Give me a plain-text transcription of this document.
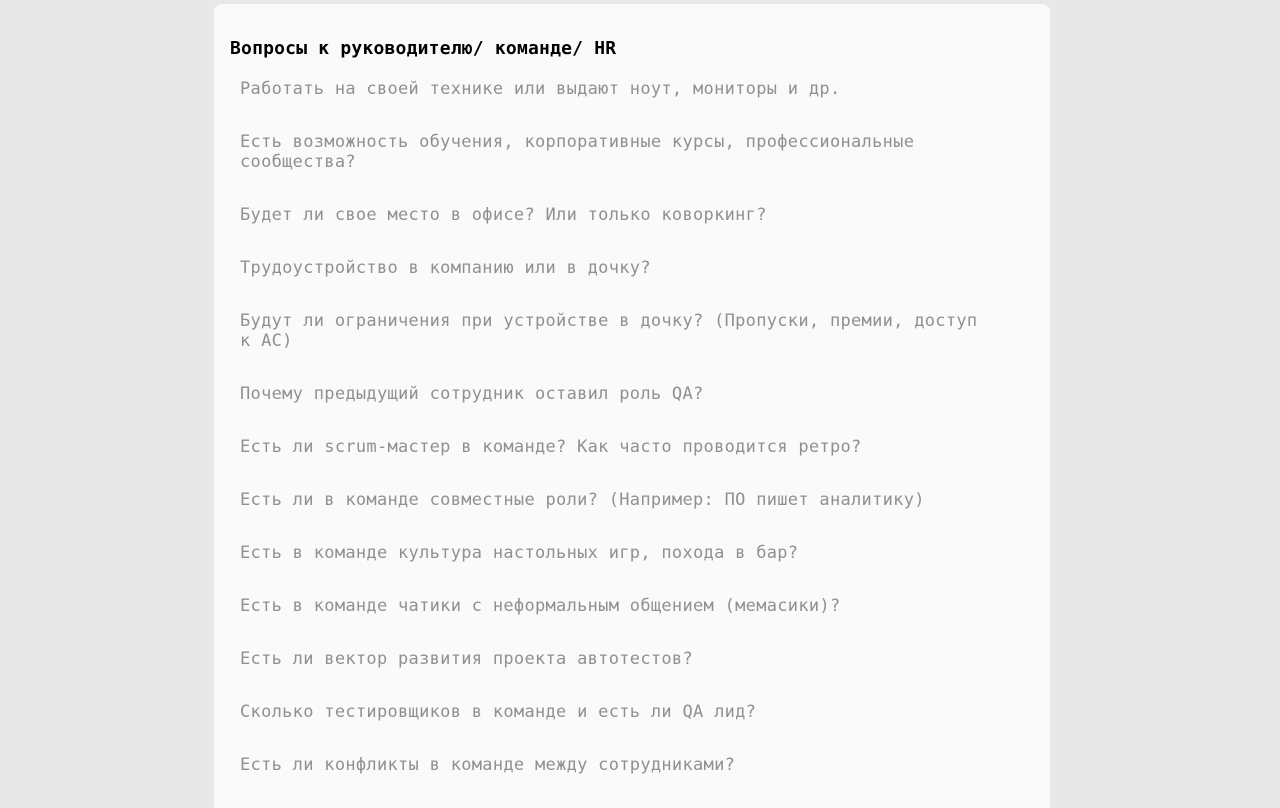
Вопросы к руководителю/ команде/ HR
Работать на своей технике или выдают ноут, мониторы и др.
Есть возможность обучения, корпоративные курсы, профессиональные сообщества?
Будет ли свое место в офисе? Или только коворкинг?
Трудоустройство в компанию или в дочку?
Будут ли ограничения при устройстве в дочку? (Пропуски, премии, доступ к АС)
Почему предыдущий сотрудник оставил роль QA?
Есть ли scrum-мастер в команде? Как часто проводится ретро?
Есть ли в команде совместные роли? (Например: ПО пишет аналитику)
Есть в команде культура настольных игр, похода в бар?
Есть в команде чатики с неформальным общением (мемасики)?
Есть ли вектор развития проекта автотестов?
Сколько тестировщиков в команде и есть ли QA лид?
Есть ли конфликты в команде между сотрудниками?
